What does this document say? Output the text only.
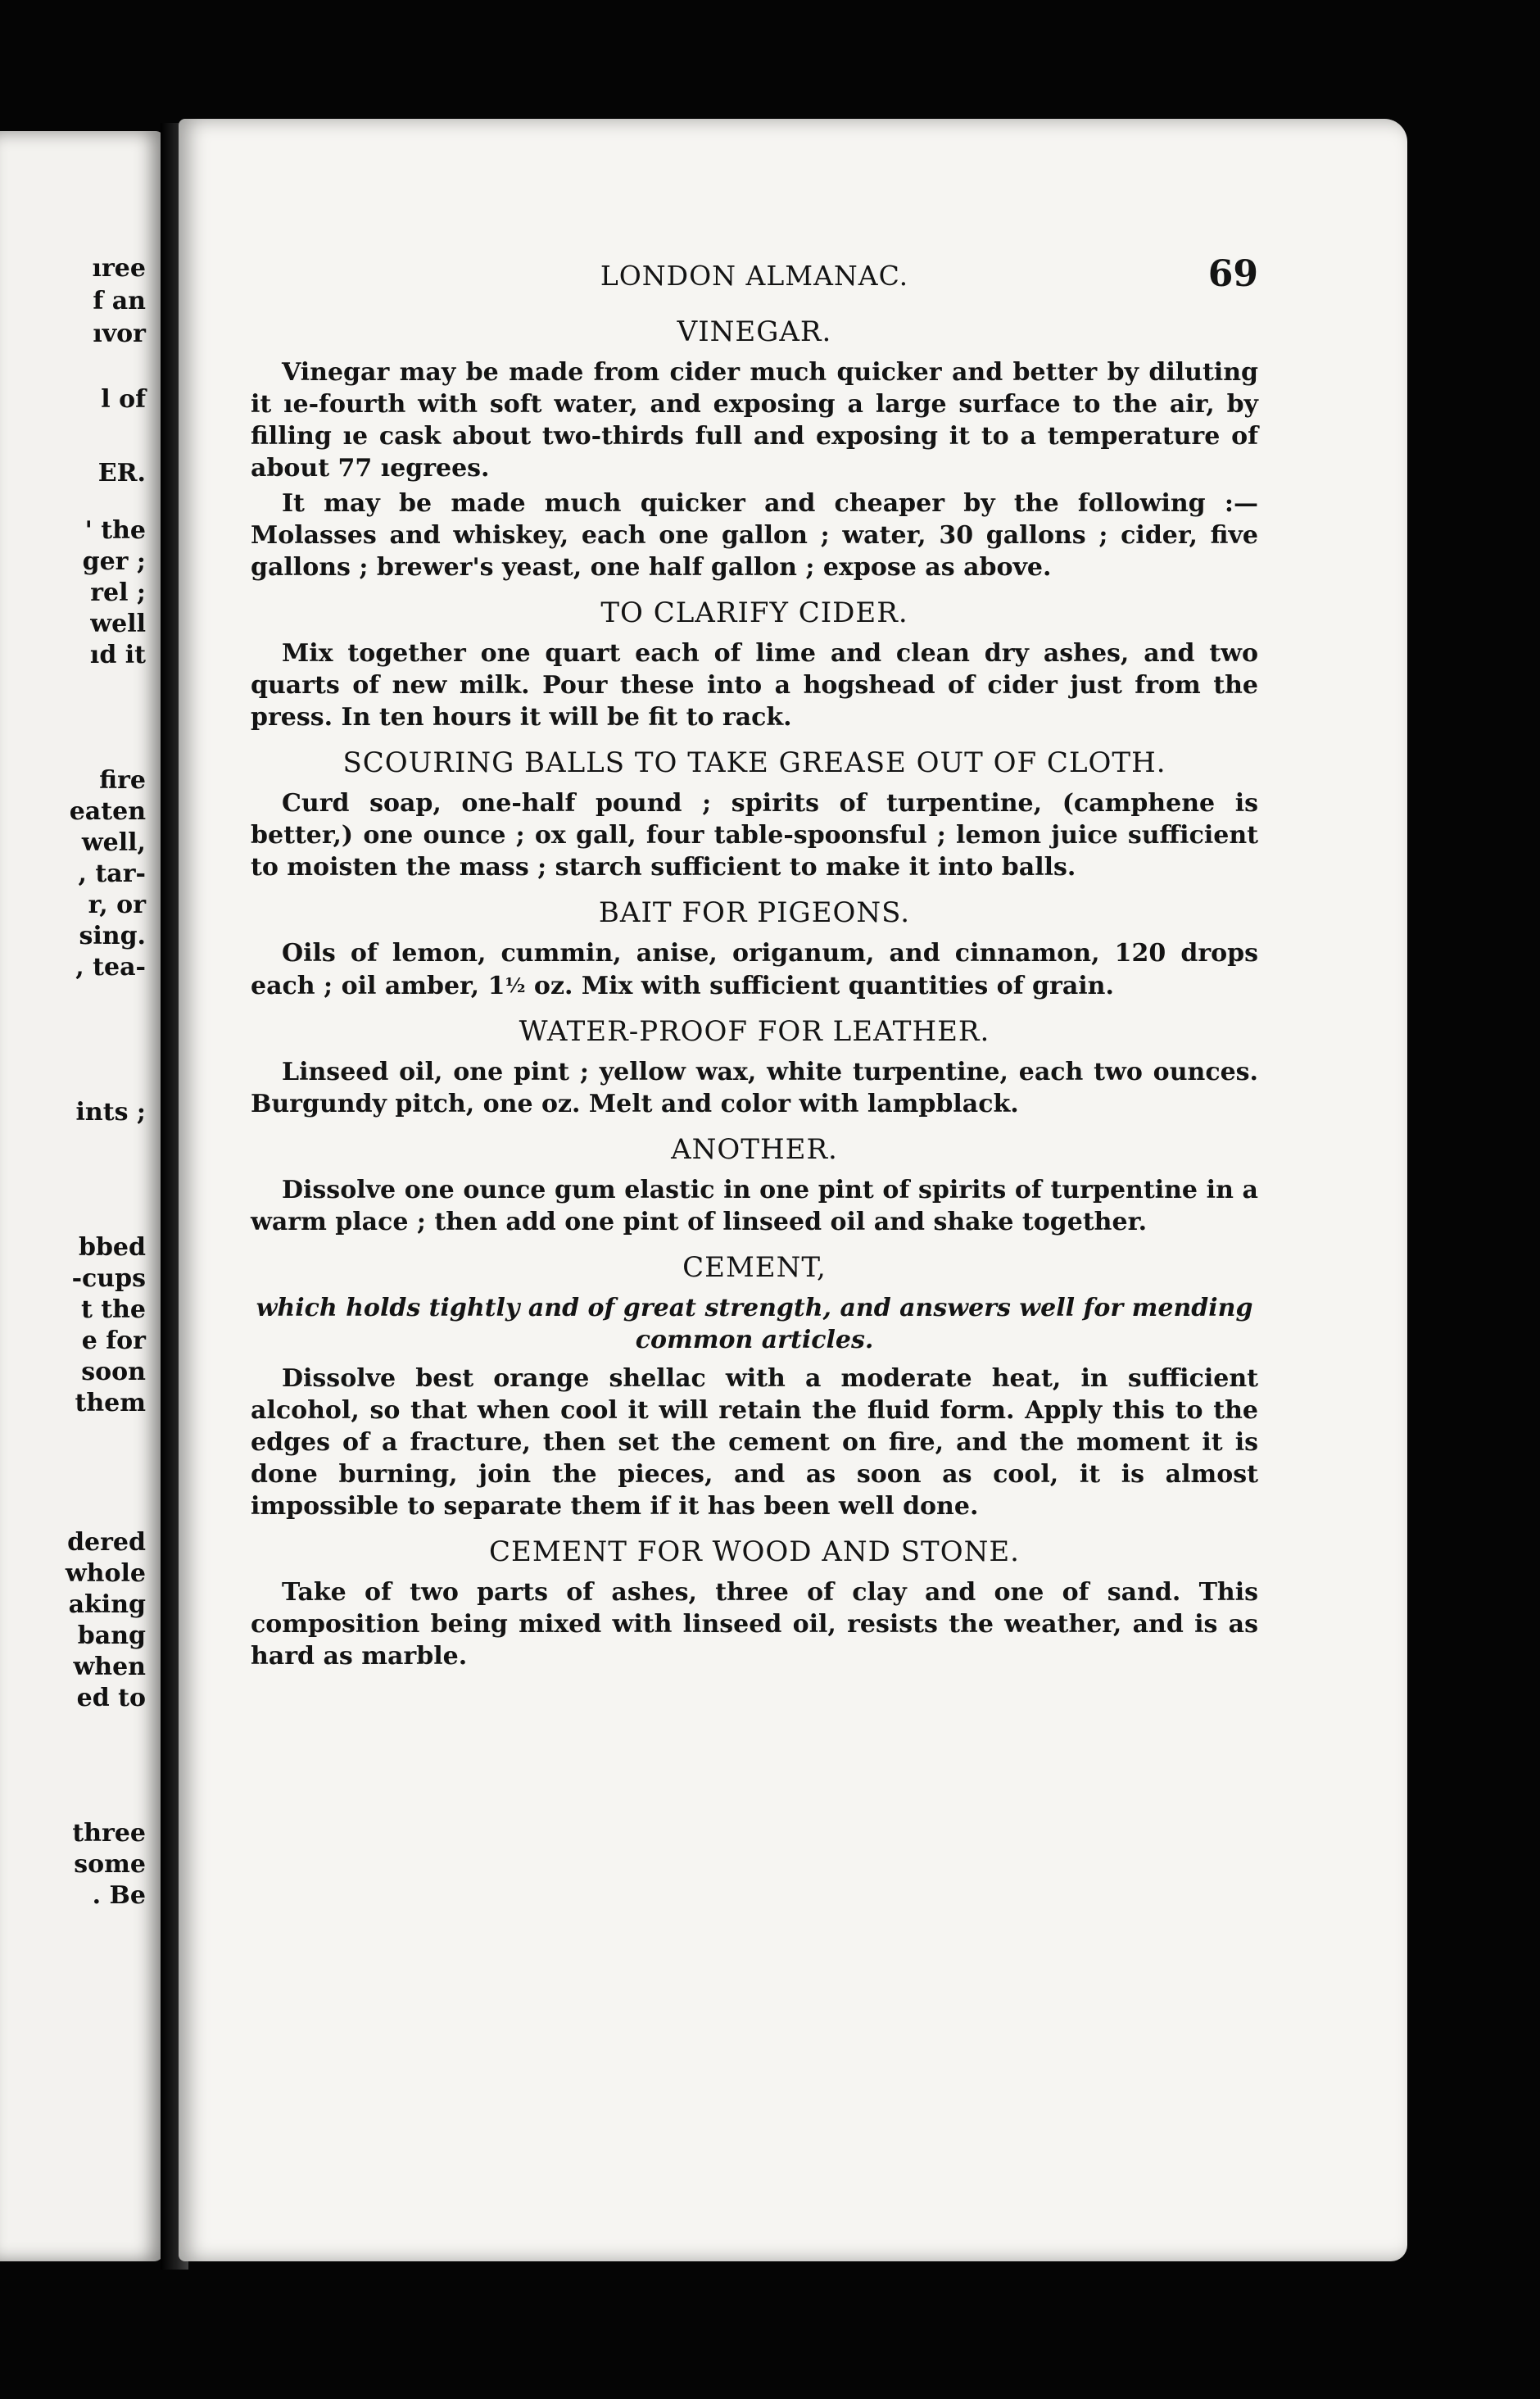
ıree

f an

ıvor

l of

ER.

' the

ger ;

rel ;

well

ıd it

fire

eaten

well,

, tar-

r, or

sing.

, tea-

ints ;

bbed

-cups

t the

e for

soon

them

dered

whole

aking

bang

when

ed to

three

some

. Be

LONDON ALMANAC.	69
VINEGAR.

Vinegar may be made from cider much quicker and better by diluting it ıe-fourth with soft water, and exposing a large surface to the air, by filling ıe cask about two-thirds full and exposing it to a temperature of about 77 ıegrees.

It may be made much quicker and cheaper by the following :—Molasses and whiskey, each one gallon ; water, 30 gallons ; cider, five gallons ; brewer's yeast, one half gallon ; expose as above.

TO CLARIFY CIDER.

Mix together one quart each of lime and clean dry ashes, and two quarts of new milk. Pour these into a hogshead of cider just from the press. In ten hours it will be fit to rack.

SCOURING BALLS TO TAKE GREASE OUT OF CLOTH.

Curd soap, one-half pound ; spirits of turpentine, (camphene is better,) one ounce ; ox gall, four table-spoonsful ; lemon juice sufficient to moisten the mass ; starch sufficient to make it into balls.

BAIT FOR PIGEONS.

Oils of lemon, cummin, anise, origanum, and cinnamon, 120 drops each ; oil amber, 1½ oz. Mix with sufficient quantities of grain.

WATER-PROOF FOR LEATHER.

Linseed oil, one pint ; yellow wax, white turpentine, each two ounces. Burgundy pitch, one oz. Melt and color with lampblack.

ANOTHER.

Dissolve one ounce gum elastic in one pint of spirits of turpentine in a warm place ; then add one pint of linseed oil and shake together.

CEMENT,

which holds tightly and of great strength, and answers well for mending common articles.

Dissolve best orange shellac with a moderate heat, in sufficient alcohol, so that when cool it will retain the fluid form. Apply this to the edges of a fracture, then set the cement on fire, and the moment it is done burning, join the pieces, and as soon as cool, it is almost impossible to separate them if it has been well done.

CEMENT FOR WOOD AND STONE.

Take of two parts of ashes, three of clay and one of sand. This composition being mixed with linseed oil, resists the weather, and is as hard as marble.
